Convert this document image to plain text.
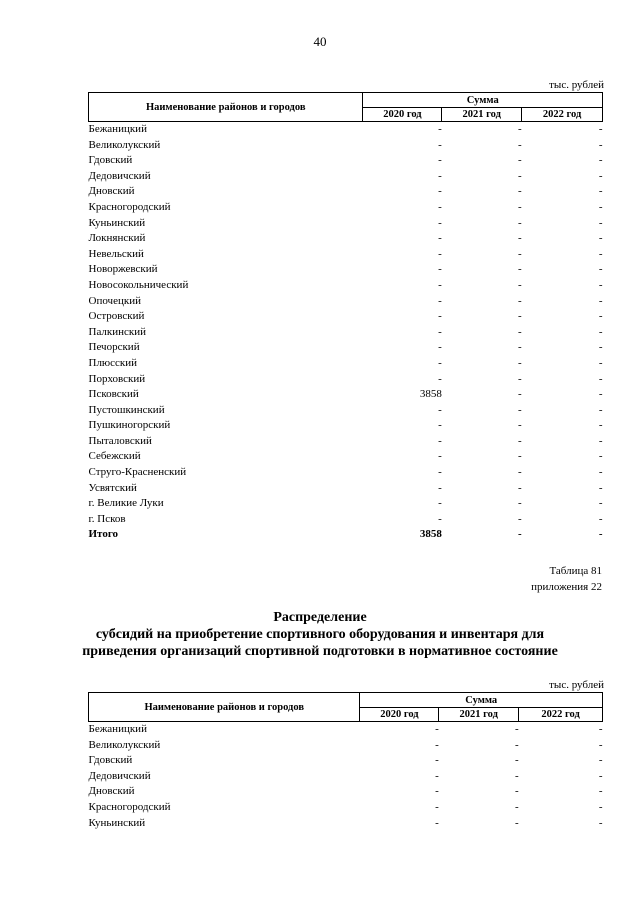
40
тыс. рублей
Наименование районов и городов	Сумма		
	2020 год	2021 год	2022 год
Бежаницкий	-	-	-
Великолукский	-	-	-
Гдовский	-	-	-
Дедовичский	-	-	-
Дновский	-	-	-
Красногородский	-	-	-
Куньинский	-	-	-
Локнянский	-	-	-
Невельский	-	-	-
Новоржевский	-	-	-
Новосокольнический	-	-	-
Опочецкий	-	-	-
Островский	-	-	-
Палкинский	-	-	-
Печорский	-	-	-
Плюсский	-	-	-
Порховский	-	-	-
Псковский	3858	-	-
Пустошкинский	-	-	-
Пушкиногорский	-	-	-
Пыталовский	-	-	-
Себежский	-	-	-
Струго-Красненский	-	-	-
Усвятский	-	-	-
г. Великие Луки	-	-	-
г. Псков	-	-	-
Итого	3858	-	-
Таблица 81
приложения 22
Распределение
субсидий на приобретение спортивного оборудования и инвентаря для
приведения организаций спортивной подготовки в нормативное состояние
тыс. рублей
Наименование районов и городов	Сумма		
	2020 год	2021 год	2022 год
Бежаницкий	-	-	-
Великолукский	-	-	-
Гдовский	-	-	-
Дедовичский	-	-	-
Дновский	-	-	-
Красногородский	-	-	-
Куньинский	-	-	-
